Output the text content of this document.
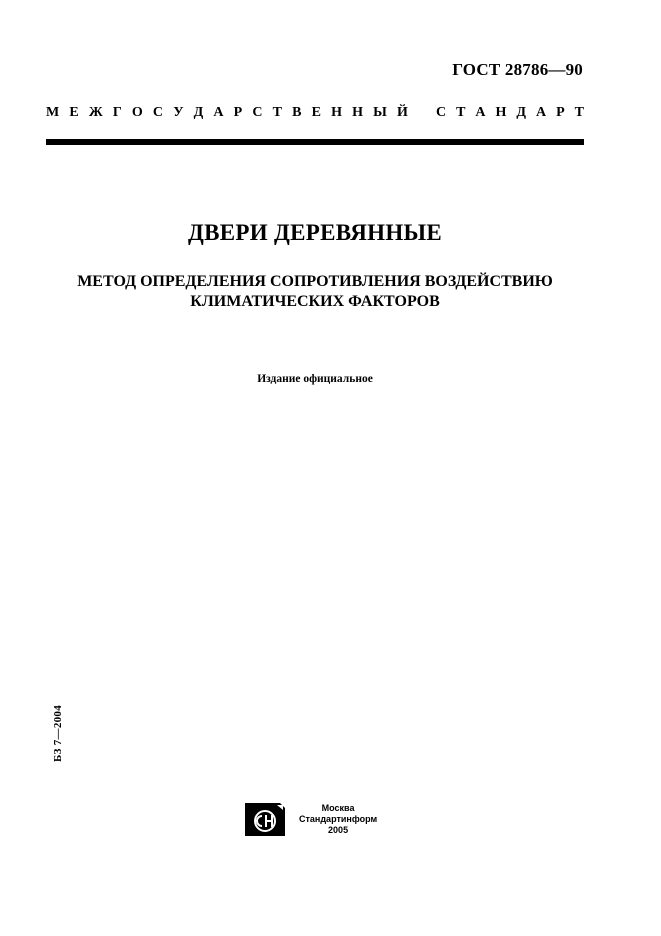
ГОСТ 28786—90
М Е Ж Г О С У Д А Р С Т В Е Н Н Ы Й С Т А Н Д А Р Т
ДВЕРИ ДЕРЕВЯННЫЕ
МЕТОД ОПРЕДЕЛЕНИЯ СОПРОТИВЛЕНИЯ ВОЗДЕЙСТВИЮ
КЛИМАТИЧЕСКИХ ФАКТОРОВ
Издание официальное
БЗ 7—2004
Москва
Стандартинформ
2005
